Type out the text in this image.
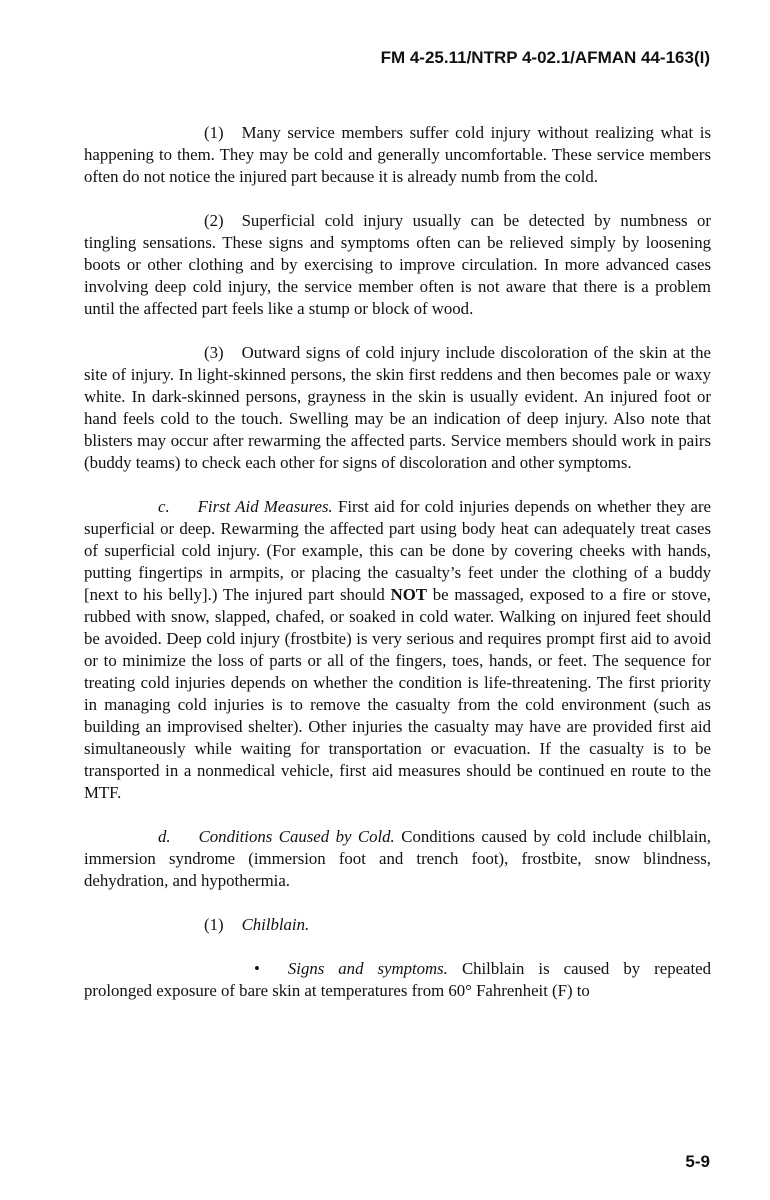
FM 4-25.11/NTRP 4-02.1/AFMAN 44-163(I)

(1) Many service members suffer cold injury without realizing what is happening to them. They may be cold and generally uncomfortable. These service members often do not notice the injured part because it is already numb from the cold.

(2) Superficial cold injury usually can be detected by numbness or tingling sensations. These signs and symptoms often can be relieved simply by loosening boots or other clothing and by exercising to improve circulation. In more advanced cases involving deep cold injury, the service member often is not aware that there is a problem until the affected part feels like a stump or block of wood.

(3) Outward signs of cold injury include discoloration of the skin at the site of injury. In light-skinned persons, the skin first reddens and then becomes pale or waxy white. In dark-skinned persons, grayness in the skin is usually evident. An injured foot or hand feels cold to the touch. Swelling may be an indication of deep injury. Also note that blisters may occur after rewarming the affected parts. Service members should work in pairs (buddy teams) to check each other for signs of discoloration and other symptoms.

c. First Aid Measures. First aid for cold injuries depends on whether they are superficial or deep. Rewarming the affected part using body heat can adequately treat cases of superficial cold injury. (For example, this can be done by covering cheeks with hands, putting fingertips in armpits, or placing the casualty’s feet under the clothing of a buddy [next to his belly].) The injured part should NOT be massaged, exposed to a fire or stove, rubbed with snow, slapped, chafed, or soaked in cold water. Walking on injured feet should be avoided. Deep cold injury (frostbite) is very serious and requires prompt first aid to avoid or to minimize the loss of parts or all of the fingers, toes, hands, or feet. The sequence for treating cold injuries depends on whether the condition is life-threatening. The first priority in managing cold injuries is to remove the casualty from the cold environment (such as building an improvised shelter). Other injuries the casualty may have are provided first aid simultaneously while waiting for transportation or evacuation. If the casualty is to be transported in a nonmedical vehicle, first aid measures should be continued en route to the MTF.

d. Conditions Caused by Cold. Conditions caused by cold include chilblain, immersion syndrome (immersion foot and trench foot), frostbite, snow blindness, dehydration, and hypothermia.

(1) Chilblain.

• Signs and symptoms. Chilblain is caused by repeated prolonged exposure of bare skin at temperatures from 60° Fahrenheit (F) to

5-9
